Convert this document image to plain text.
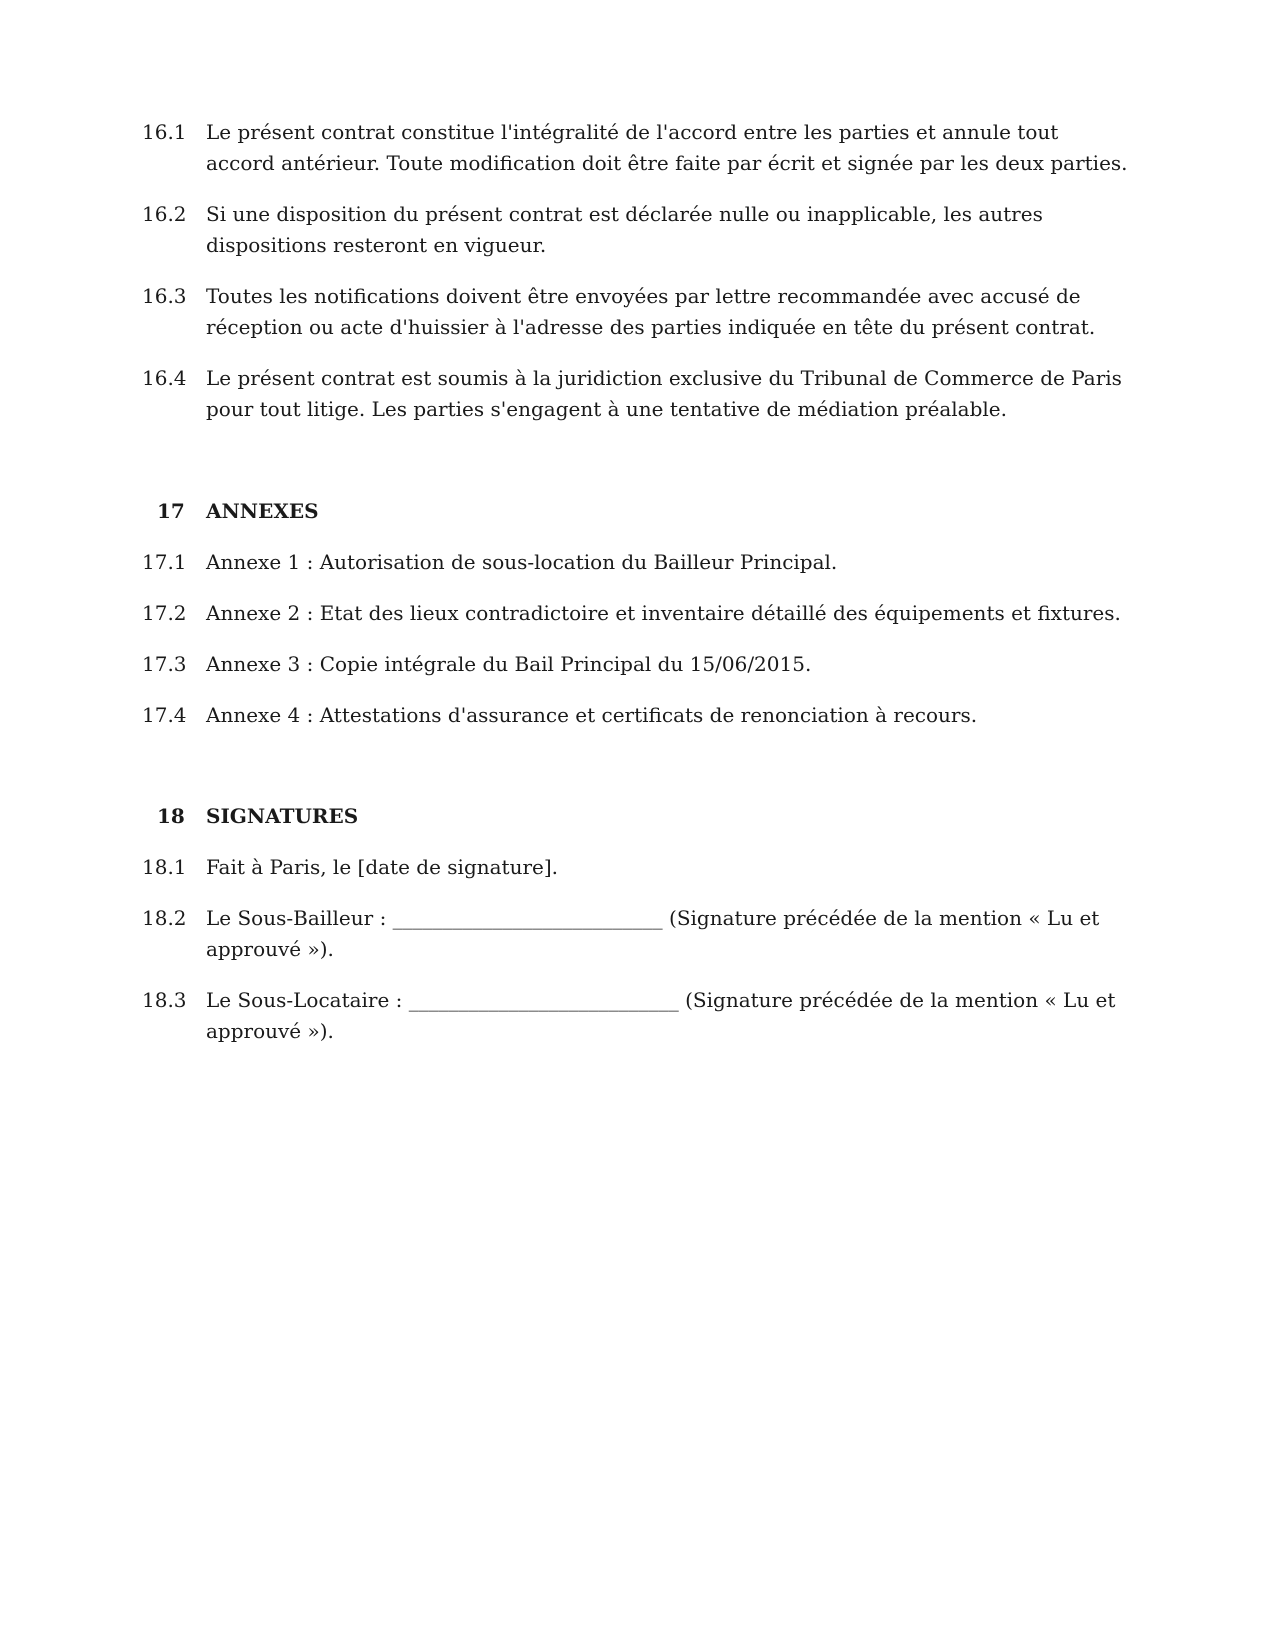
16.1 Le présent contrat constitue l'intégralité de l'accord entre les parties et annule tout accord antérieur. Toute modification doit être faite par écrit et signée par les deux parties.
16.2 Si une disposition du présent contrat est déclarée nulle ou inapplicable, les autres dispositions resteront en vigueur.
16.3 Toutes les notifications doivent être envoyées par lettre recommandée avec accusé de réception ou acte d'huissier à l'adresse des parties indiquée en tête du présent contrat.
16.4 Le présent contrat est soumis à la juridiction exclusive du Tribunal de Commerce de Paris pour tout litige. Les parties s'engagent à une tentative de médiation préalable.
17	ANNEXES
17.1 Annexe 1 : Autorisation de sous-location du Bailleur Principal.
17.2 Annexe 2 : Etat des lieux contradictoire et inventaire détaillé des équipements et fixtures.
17.3 Annexe 3 : Copie intégrale du Bail Principal du 15/06/2015.
17.4 Annexe 4 : Attestations d'assurance et certificats de renonciation à recours.
18	SIGNATURES
18.1 Fait à Paris, le [date de signature].
18.2 Le Sous-Bailleur : ___________________________ (Signature précédée de la mention « Lu et approuvé »).
18.3 Le Sous-Locataire : ___________________________ (Signature précédée de la mention « Lu et approuvé »).
